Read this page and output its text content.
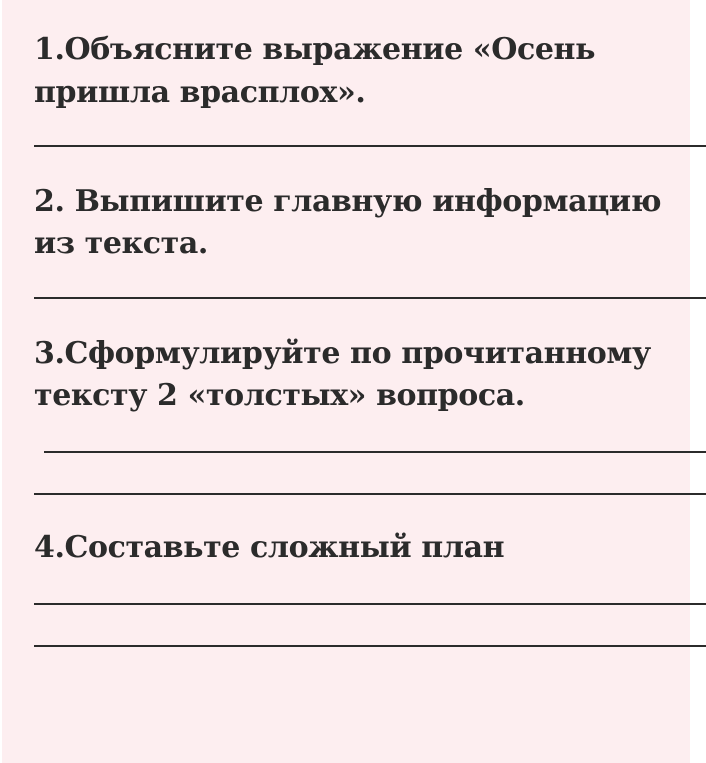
1.Объясните выражение «Осень

пришла врасплох».

2. Выпишите главную информацию

из текста.

3.Сформулируйте по прочитанному

тексту 2 «толстых» вопроса.

4.Составьте сложный план
